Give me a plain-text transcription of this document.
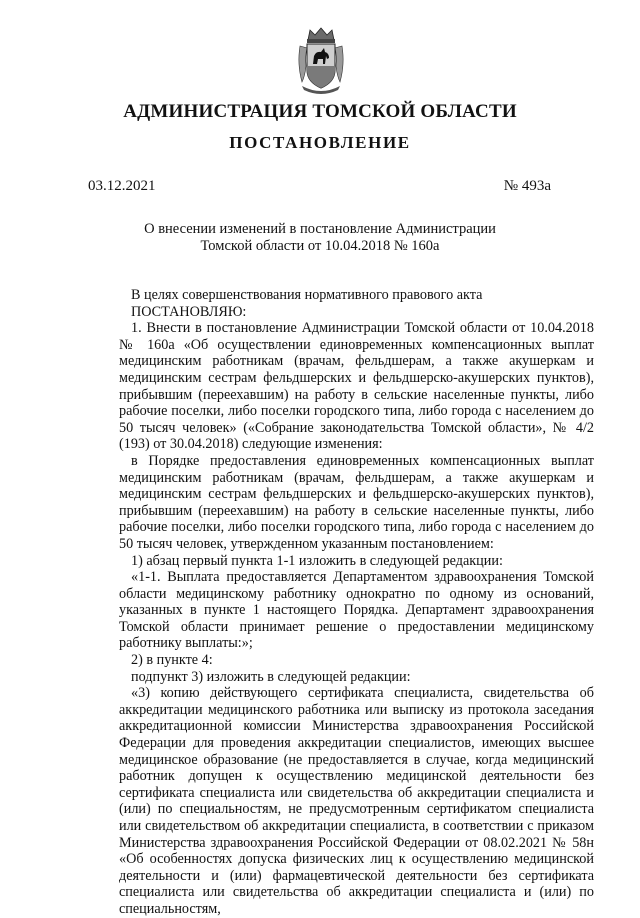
АДМИНИСТРАЦИЯ ТОМСКОЙ ОБЛАСТИ
ПОСТАНОВЛЕНИЕ
03.12.2021	№ 493а
О внесении изменений в постановление Администрации
Томской области от 10.04.2018 № 160а

В целях совершенствования нормативного правового акта

ПОСТАНОВЛЯЮ:

1. Внести в постановление Администрации Томской области от 10.04.2018 № 160а «Об осуществлении единовременных компенсационных выплат медицинским работникам (врачам, фельдшерам, а также акушеркам и медицинским сестрам фельдшерских и фельдшерско-акушерских пунктов), прибывшим (переехавшим) на работу в сельские населенные пункты, либо рабочие поселки, либо поселки городского типа, либо города с населением до 50 тысяч человек» («Собрание законодательства Томской области», № 4/2 (193) от 30.04.2018) следующие изменения:

в Порядке предоставления единовременных компенсационных выплат медицинским работникам (врачам, фельдшерам, а также акушеркам и медицинским сестрам фельдшерских и фельдшерско-акушерских пунктов), прибывшим (переехавшим) на работу в сельские населенные пункты, либо рабочие поселки, либо поселки городского типа, либо города с населением до 50 тысяч человек, утвержденном указанным постановлением:

1) абзац первый пункта 1-1 изложить в следующей редакции:

«1-1. Выплата предоставляется Департаментом здравоохранения Томской области медицинскому работнику однократно по одному из оснований, указанных в пункте 1 настоящего Порядка. Департамент здравоохранения Томской области принимает решение о предоставлении медицинскому работнику выплаты:»;

2) в пункте 4:

подпункт 3) изложить в следующей редакции:

«3) копию действующего сертификата специалиста, свидетельства об аккредитации медицинского работника или выписку из протокола заседания аккредитационной комиссии Министерства здравоохранения Российской Федерации для проведения аккредитации специалистов, имеющих высшее медицинское образование (не предоставляется в случае, когда медицинский работник допущен к осуществлению медицинской деятельности без сертификата специалиста или свидетельства об аккредитации специалиста и (или) по специальностям, не предусмотренным сертификатом специалиста или свидетельством об аккредитации специалиста, в соответствии с приказом Министерства здравоохранения Российской Федерации от 08.02.2021 № 58н «Об особенностях допуска физических лиц к осуществлению медицинской деятельности и (или) фармацевтической деятельности без сертификата специалиста или свидетельства об аккредитации специалиста и (или) по специальностям,
